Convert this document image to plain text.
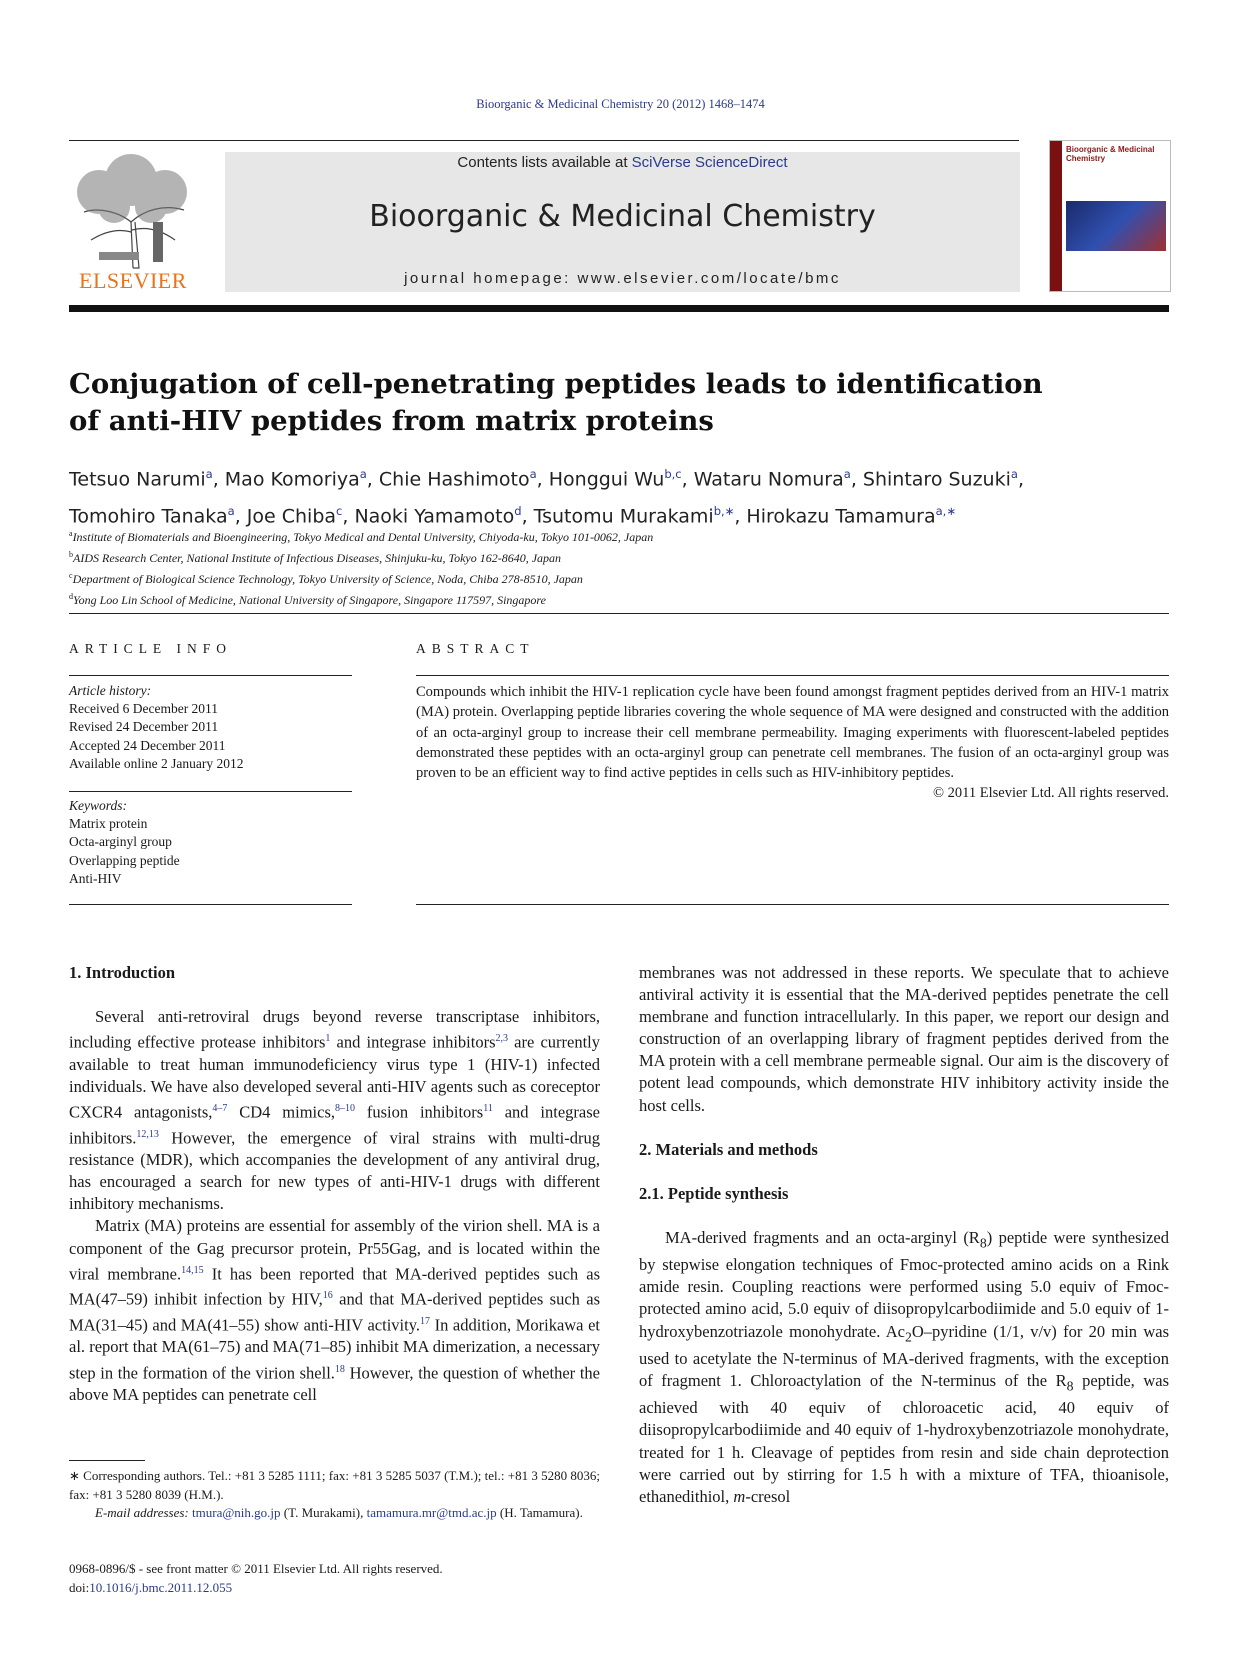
Bioorganic & Medicinal Chemistry 20 (2012) 1468–1474
ELSEVIER
Contents lists available at SciVerse ScienceDirect
Bioorganic & Medicinal Chemistry
journal homepage: www.elsevier.com/locate/bmc
Bioorganic & Medicinal Chemistry
Conjugation of cell-penetrating peptides leads to identification
of anti-HIV peptides from matrix proteins
Tetsuo Narumi$^a$, Mao Komoriya$^a$, Chie Hashimoto$^a$, Honggui Wu$^{b,c}$, Wataru Nomura$^a$, Shintaro Suzuki$^a$,
Tomohiro Tanaka$^a$, Joe Chiba$^c$, Naoki Yamamoto$^d$, Tsutomu Murakami$^{b,∗}$, Hirokazu Tamamura$^{a,∗}$
$^a$Institute of Biomaterials and Bioengineering, Tokyo Medical and Dental University, Chiyoda-ku, Tokyo 101-0062, Japan
$^b$AIDS Research Center, National Institute of Infectious Diseases, Shinjuku-ku, Tokyo 162-8640, Japan
$^c$Department of Biological Science Technology, Tokyo University of Science, Noda, Chiba 278-8510, Japan
$^d$Yong Loo Lin School of Medicine, National University of Singapore, Singapore 117597, Singapore
ARTICLE INFO	ABSTRACT
Article history:
Received 6 December 2011
Revised 24 December 2011
Accepted 24 December 2011
Available online 2 January 2012
Keywords:
Matrix protein
Octa-arginyl group
Overlapping peptide
Anti-HIV
Compounds which inhibit the HIV-1 replication cycle have been found amongst fragment peptides derived from an HIV-1 matrix (MA) protein. Overlapping peptide libraries covering the whole sequence of MA were designed and constructed with the addition of an octa-arginyl group to increase their cell membrane permeability. Imaging experiments with fluorescent-labeled peptides demonstrated these peptides with an octa-arginyl group can penetrate cell membranes. The fusion of an octa-arginyl group was proven to be an efficient way to find active peptides in cells such as HIV-inhibitory peptides.
© 2011 Elsevier Ltd. All rights reserved.
1. Introduction

Several anti-retroviral drugs beyond reverse transcriptase inhibitors, including effective protease inhibitors$^1$ and integrase inhibitors$^{2,3}$ are currently available to treat human immunodeficiency virus type 1 (HIV-1) infected individuals. We have also developed several anti-HIV agents such as coreceptor CXCR4 antagonists,$^{4-7}$ CD4 mimics,$^{8-10}$ fusion inhibitors$^{11}$ and integrase inhibitors.$^{12,13}$ However, the emergence of viral strains with multi-drug resistance (MDR), which accompanies the development of any antiviral drug, has encouraged a search for new types of anti-HIV-1 drugs with different inhibitory mechanisms.

Matrix (MA) proteins are essential for assembly of the virion shell. MA is a component of the Gag precursor protein, Pr55Gag, and is located within the viral membrane.$^{14,15}$ It has been reported that MA-derived peptides such as MA(47–59) inhibit infection by HIV,$^{16}$ and that MA-derived peptides such as MA(31–45) and MA(41–55) show anti-HIV activity.$^{17}$ In addition, Morikawa et al. report that MA(61–75) and MA(71–85) inhibit MA dimerization, a necessary step in the formation of the virion shell.$^{18}$ However, the question of whether the above MA peptides can penetrate cell

membranes was not addressed in these reports. We speculate that to achieve antiviral activity it is essential that the MA-derived peptides penetrate the cell membrane and function intracellularly. In this paper, we report our design and construction of an overlapping library of fragment peptides derived from the MA protein with a cell membrane permeable signal. Our aim is the discovery of potent lead compounds, which demonstrate HIV inhibitory activity inside the host cells.

2. Materials and methods
2.1. Peptide synthesis

MA-derived fragments and an octa-arginyl $(R_8)$ peptide were synthesized by stepwise elongation techniques of Fmoc-protected amino acids on a Rink amide resin. Coupling reactions were performed using 5.0 equiv of Fmoc-protected amino acid, 5.0 equiv of diisopropylcarbodiimide and 5.0 equiv of 1-hydroxybenzotriazole monohydrate. $Ac_2O$–pyridine (1/1, v/v) for 20 min was used to acetylate the N-terminus of MA-derived fragments, with the exception of fragment 1. Chloroactylation of the N-terminus of the $R_8$ peptide, was achieved with 40 equiv of chloroacetic acid, 40 equiv of diisopropylcarbodiimide and 40 equiv of 1-hydroxybenzotriazole monohydrate, treated for 1 h. Cleavage of peptides from resin and side chain deprotection were carried out by stirring for 1.5 h with a mixture of TFA, thioanisole, ethanedithiol, m-cresol

∗ Corresponding authors. Tel.: +81 3 5285 1111; fax: +81 3 5285 5037 (T.M.); tel.: +81 3 5280 8036; fax: +81 3 5280 8039 (H.M.).
E-mail addresses: tmura@nih.go.jp (T. Murakami), tamamura.mr@tmd.ac.jp (H. Tamamura).
0968-0896/$ - see front matter © 2011 Elsevier Ltd. All rights reserved.
doi:10.1016/j.bmc.2011.12.055
